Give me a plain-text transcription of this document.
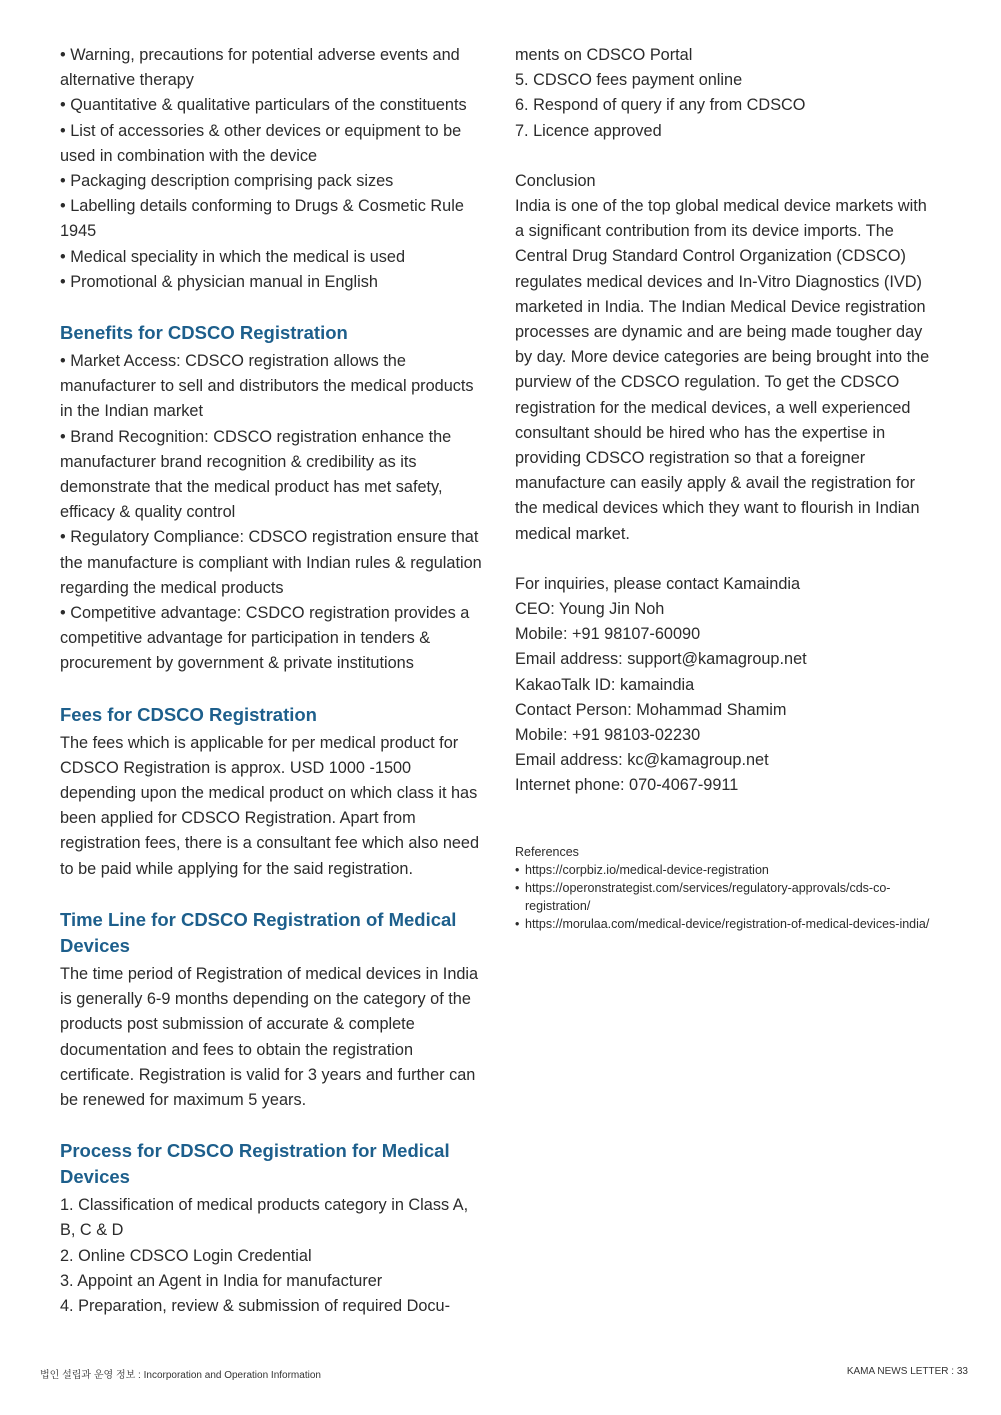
• Warning, precautions for potential adverse events and alternative therapy

• Quantitative & qualitative particulars of the constituents

• List of accessories & other devices or equipment to be used in combination with the device

• Packaging description comprising pack sizes

• Labelling details conforming to Drugs & Cosmetic Rule 1945

• Medical speciality in which the medical is used

• Promotional & physician manual in English

Benefits for CDSCO Registration

• Market Access: CDSCO registration allows the manufacturer to sell and distributors the medical products in the Indian market

• Brand Recognition: CDSCO registration enhance the manufacturer brand recognition & credibility as its demonstrate that the medical product has met safety, efficacy & quality control

• Regulatory Compliance: CDSCO registration ensure that the manufacture is compliant with Indian rules & regulation regarding the medical products

• Competitive advantage: CSDCO registration provides a competitive advantage for participation in tenders & procurement by government & private institutions

Fees for CDSCO Registration

The fees which is applicable for per medical product for CDSCO Registration is approx. USD 1000 -1500 depending upon the medical product on which class it has been applied for CDSCO Registration. Apart from registration fees, there is a consultant fee which also need to be paid while applying for the said registration.

Time Line for CDSCO Registration of Medical Devices

The time period of Registration of medical devices in India is generally 6-9 months depending on the category of the products post submission of accurate & complete documentation and fees to obtain the registration certificate. Registration is valid for 3 years and further can be renewed for maximum 5 years.

Process for CDSCO Registration for Medical Devices

1. Classification of medical products category in Class A, B, C & D

2. Online CDSCO Login Credential

3. Appoint an Agent in India for manufacturer

4. Preparation, review & submission of required Docu-

ments on CDSCO Portal

5. CDSCO fees payment online

6. Respond of query if any from CDSCO

7. Licence approved

Conclusion

India is one of the top global medical device markets with a significant contribution from its device imports. The Central Drug Standard Control Organization (CDSCO) regulates medical devices and In-Vitro Diagnostics (IVD) marketed in India. The Indian Medical Device registration processes are dynamic and are being made tougher day by day. More device categories are being brought into the purview of the CDSCO regulation. To get the CDSCO registration for the medical devices, a well experienced consultant should be hired who has the expertise in providing CDSCO registration so that a foreigner manufacture can easily apply & avail the registration for the medical devices which they want to flourish in Indian medical market.

For inquiries, please contact Kamaindia

CEO: Young Jin Noh

Mobile: +91 98107-60090

Email address: support@kamagroup.net

KakaoTalk ID: kamaindia

Contact Person: Mohammad Shamim

Mobile: +91 98103-02230

Email address: kc@kamagroup.net

Internet phone: 070-4067-9911

References

• https://corpbiz.io/medical-device-registration
• https://operonstrategist.com/services/regulatory-approvals/cds-co-registration/
• https://morulaa.com/medical-device/registration-of-medical-devices-india/
법인 설립과 운영 정보 : Incorporation and Operation Information	KAMA NEWS LETTER : 33
